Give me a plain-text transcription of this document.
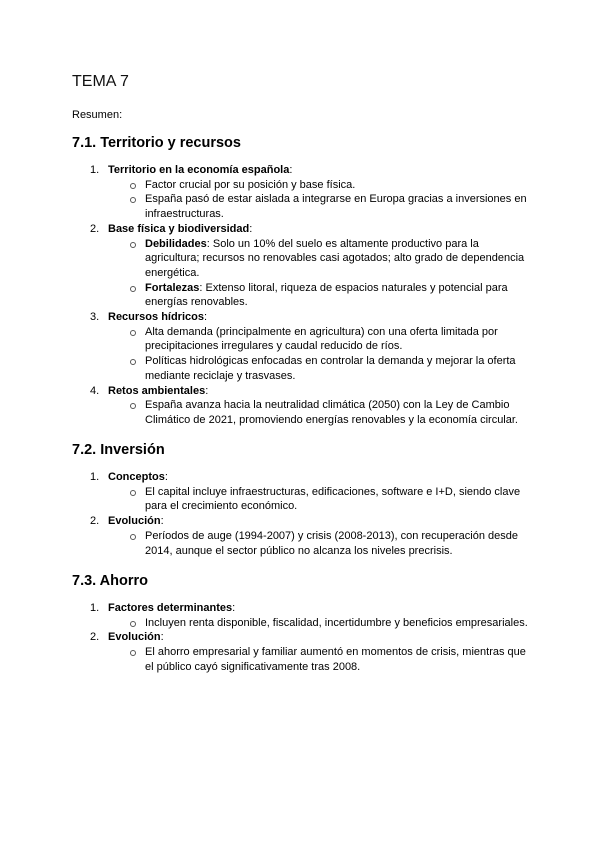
TEMA 7
Resumen:
7.1. Territorio y recursos
1. Territorio en la economía española:
Factor crucial por su posición y base física.
España pasó de estar aislada a integrarse en Europa gracias a inversiones en infraestructuras.
2. Base física y biodiversidad:
Debilidades: Solo un 10% del suelo es altamente productivo para la agricultura; recursos no renovables casi agotados; alto grado de dependencia energética.
Fortalezas: Extenso litoral, riqueza de espacios naturales y potencial para energías renovables.
3. Recursos hídricos:
Alta demanda (principalmente en agricultura) con una oferta limitada por precipitaciones irregulares y caudal reducido de ríos.
Políticas hidrológicas enfocadas en controlar la demanda y mejorar la oferta mediante reciclaje y trasvases.
4. Retos ambientales:
España avanza hacia la neutralidad climática (2050) con la Ley de Cambio Climático de 2021, promoviendo energías renovables y la economía circular.
7.2. Inversión
1. Conceptos:
El capital incluye infraestructuras, edificaciones, software e I+D, siendo clave para el crecimiento económico.
2. Evolución:
Períodos de auge (1994-2007) y crisis (2008-2013), con recuperación desde 2014, aunque el sector público no alcanza los niveles precrisis.
7.3. Ahorro
1. Factores determinantes:
Incluyen renta disponible, fiscalidad, incertidumbre y beneficios empresariales.
2. Evolución:
El ahorro empresarial y familiar aumentó en momentos de crisis, mientras que el público cayó significativamente tras 2008.
